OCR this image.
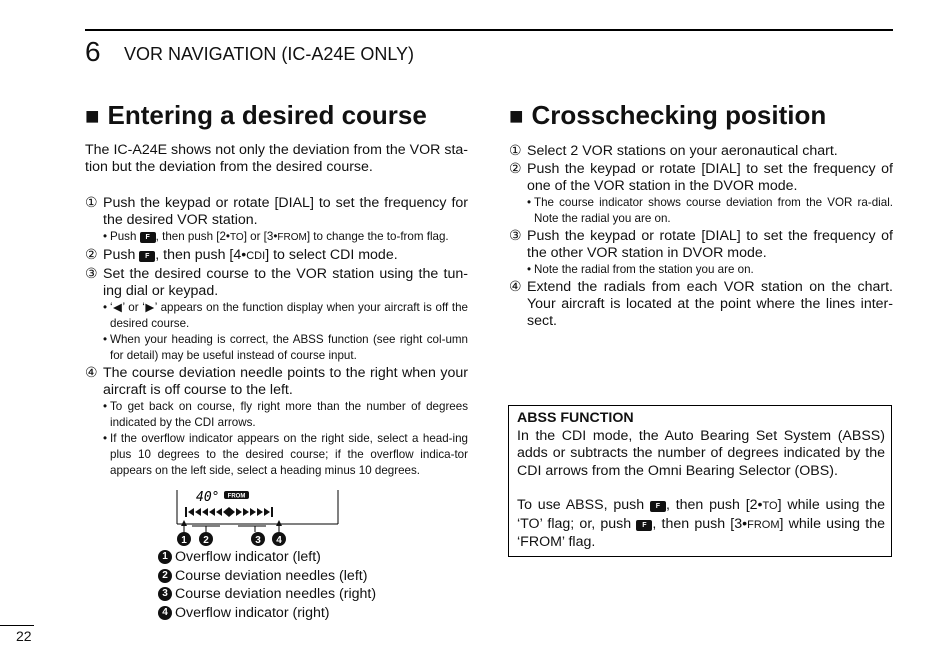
6 VOR NAVIGATION (IC-A24E ONLY)
■ Entering a desired course

The IC-A24E shows not only the deviation from the VOR sta-tion but the deviation from the desired course.

① Push the keypad or rotate [DIAL] to set the frequency for the desired VOR station.
• Push F , then push [2•TO] or [3•FROM] to change the to-from flag.
② Push F , then push [4•CDI] to select CDI mode.
③ Set the desired course to the VOR station using the tun-ing dial or keypad.
• ‘◀’ or ‘▶’ appears on the function display when your aircraft is off the desired course.
• When your heading is correct, the ABSS function (see right col-umn for detail) may be useful instead of course input.
④ The course deviation needle points to the right when your aircraft is off course to the left.
• To get back on course, fly right more than the number of degrees indicated by the CDI arrows.
• If the overflow indicator appears on the right side, select a head-ing plus 10 degrees to the desired course; if the overflow indica-tor appears on the left side, select a heading minus 10 degrees.
40° FROM
1 2	3 4
1 Overflow indicator (left)
2 Course deviation needles (left)
3 Course deviation needles (right)
4 Overflow indicator (right)
■ Crosschecking position
① Select 2 VOR stations on your aeronautical chart.
② Push the keypad or rotate [DIAL] to set the frequency of one of the VOR station in the DVOR mode.
• The course indicator shows course deviation from the VOR ra-dial. Note the radial you are on.
③ Push the keypad or rotate [DIAL] to set the frequency of the other VOR station in DVOR mode.
• Note the radial from the station you are on.
④ Extend the radials from each VOR station on the chart. Your aircraft is located at the point where the lines inter-sect.

ABSS FUNCTION

In the CDI mode, the Auto Bearing Set System (ABSS) adds or subtracts the number of degrees indicated by the CDI arrows from the Omni Bearing Selector (OBS).

To use ABSS, push F , then push [2•TO] while using the ‘TO’ flag; or, push F , then push [3•FROM] while using the ‘FROM’ flag.

22
